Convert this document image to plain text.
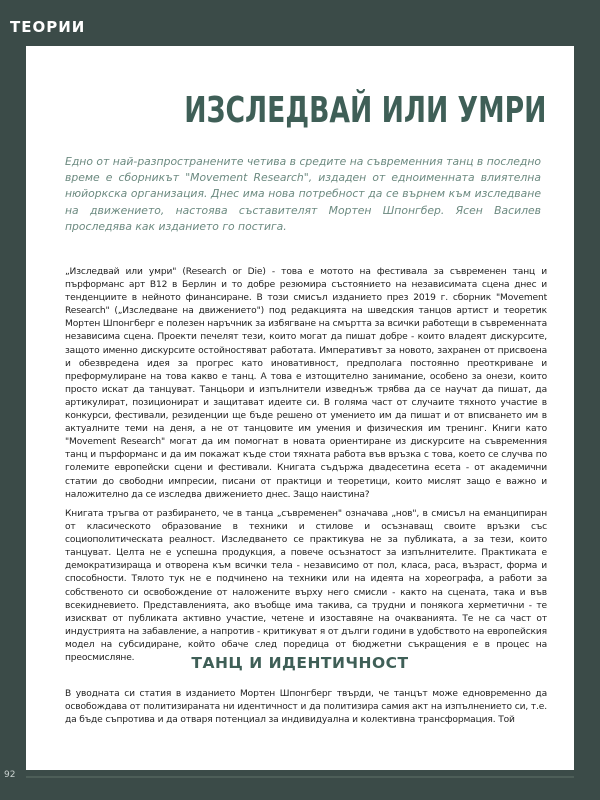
ТЕОРИИ
ИЗСЛЕДВАЙ ИЛИ УМРИ

Едно от най-разпространените четива в средите на съвременния танц в последно време е сборникът "Movement Research", издаден от едноименната влиятелна нюйоркска организация. Днес има нова потребност да се върнем към изследване на движението, настоява съставителят Мортен Шпонгбер. Ясен Василев проследява как изданието го постига.

„Изследвай или умри" (Research or Die) - това е мотото на фестивала за съвременен танц и пърформанс арт B12 в Берлин и то добре резюмира състоянието на независимата сцена днес и тенденциите в нейното финансиране. В този смисъл изданието през 2019 г. сборник "Movement Research" („Изследване на движението") под редакцията на шведския танцов артист и теоретик Мортен Шпонгберг е полезен наръчник за избягване на смъртта за всички работещи в съвременната независима сцена. Проекти печелят тези, които могат да пишат добре - които владеят дискурсите, защото именно дискурсите остойностяват работата. Императивът за новото, захранен от присвоена и обезвредена идея за прогрес като иновативност, предполага постоянно преоткриване и преформулиране на това какво е танц. А това е изтощително занимание, особено за онези, които просто искат да танцуват. Танцьори и изпълнители изведнъж трябва да се научат да пишат, да артикулират, позиционират и защитават идеите си. В голяма част от случаите тяхното участие в конкурси, фестивали, резиденции ще бъде решено от умението им да пишат и от вписването им в актуалните теми на деня, а не от танцовите им умения и физическия им тренинг. Книги като "Movement Research" могат да им помогнат в новата ориентиране из дискурсите на съвременния танц и пърформанс и да им покажат къде стои тяхната работа във връзка с това, което се случва по големите европейски сцени и фестивали. Книгата съдържа двадесетина есета - от академични статии до свободни импресии, писани от практици и теоретици, които мислят защо е важно и наложително да се изследва движението днес. Защо наистина?

Книгата тръгва от разбирането, че в танца „съвременен" означава „нов", в смисъл на еманципиран от класическото образование в техники и стилове и осъзнаващ своите връзки със социополитическата реалност. Изследването се практикува не за публиката, а за тези, които танцуват. Целта не е успешна продукция, а повече осъзнатост за изпълнителите. Практиката е демократизираща и отворена към всички тела - независимо от пол, класа, раса, възраст, форма и способности. Тялото тук не е подчинено на техники или на идеята на хореографа, а работи за собственото си освобождение от наложените върху него смисли - както на сцената, така и във всекидневието. Представленията, ако въобще има такива, са трудни и понякога херметични - те изискват от публиката активно участие, четене и изоставяне на очакванията. Те не са част от индустрията на забавление, а напротив - критикуват я от дълги години в удобството на европейския модел на субсидиране, който обаче след поредица от бюджетни съкращения е в процес на преосмисляне.	ТАНЦ И ИДЕНТИЧНОСТ

В уводната си статия в изданието Мортен Шпонгберг твърди, че танцът може едновременно да освобождава от политизираната ни идентичност и да политизира самия акт на изпълнението си, т.е. да бъде съпротива и да отваря потенциал за индивидуална и колективна трансформация. Той

92
